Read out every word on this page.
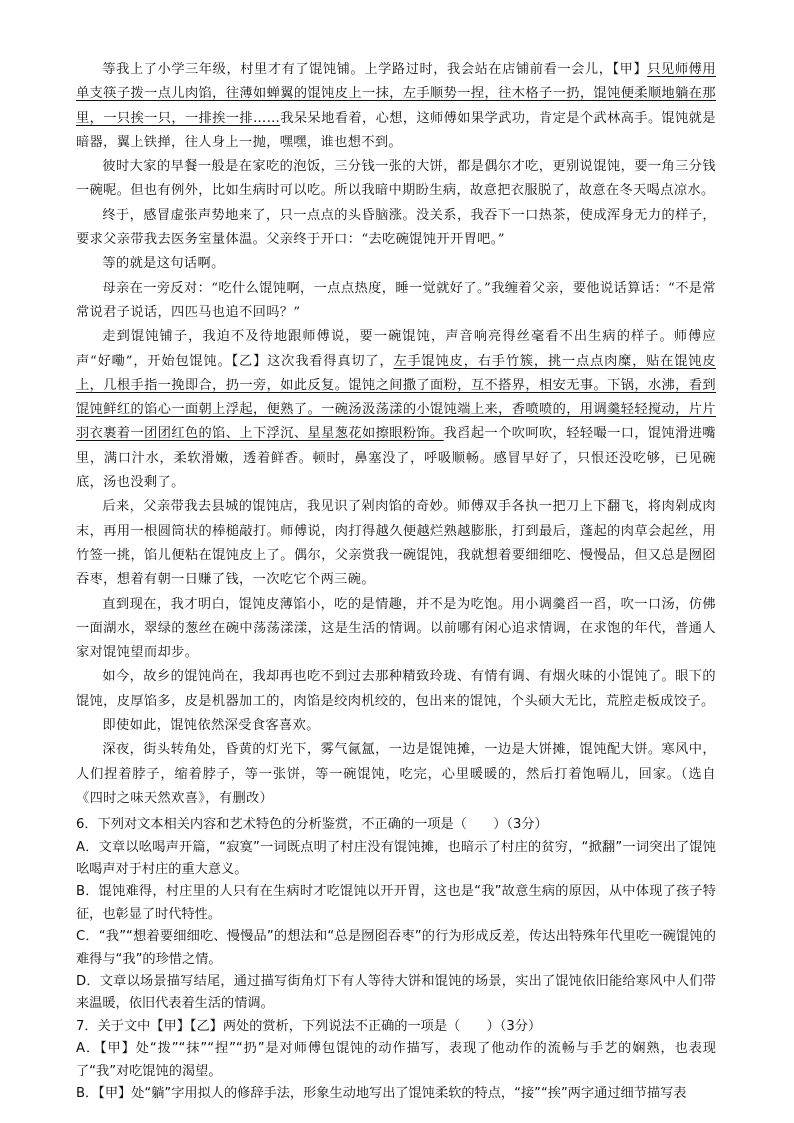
等我上了小学三年级，村里才有了馄饨铺。上学路过时，我会站在店铺前看一会儿，【甲】只见师傅用单支筷子拨一点儿肉馅，往薄如蝉翼的馄饨皮上一抹，左手顺势一捏，往木格子一扔，馄饨便柔顺地躺在那里，一只挨一只，一排挨一排……我呆呆地看着，心想，这师傅如果学武功，肯定是个武林高手。馄饨就是暗器，翼上铁掸，往人身上一抛，嘿嘿，谁也想不到。

彼时大家的早餐一般是在家吃的泡饭，三分钱一张的大饼，都是偶尔才吃，更别说馄饨，要一角三分钱一碗呢。但也有例外，比如生病时可以吃。所以我暗中期盼生病，故意把衣服脱了，故意在冬天喝点凉水。

终于，感冒虚张声势地来了，只一点点的头昏脑涨。没关系，我吞下一口热茶，使成浑身无力的样子，要求父亲带我去医务室量体温。父亲终于开口：“去吃碗馄饨开开胃吧。”

等的就是这句话啊。

母亲在一旁反对：“吃什么馄饨啊，一点点热度，睡一觉就好了。”我缠着父亲，要他说话算话：“不是常常说君子说话，四匹马也追不回吗？”

走到馄饨铺子，我迫不及待地跟师傅说，要一碗馄饨，声音响亮得丝毫看不出生病的样子。师傅应声“好嘞”，开始包馄饨。【乙】这次我看得真切了，左手馄饨皮，右手竹簇，挑一点点肉糜，贴在馄饨皮上，几根手指一挽即合，扔一旁，如此反复。馄饨之间撒了面粉，互不搭界，相安无事。下锅，水沸，看到馄饨鲜红的馅心一面朝上浮起，便熟了。一碗汤汲荡漾的小馄饨端上来，香喷喷的，用调羹轻轻搅动，片片羽衣裹着一团团红色的馅、上下浮沉、星星葱花如擦眼粉饰。我舀起一个吹呵吹，轻轻嘬一口，馄饨滑进嘴里，满口汁水，柔软滑嫩，透着鲜香。顿时，鼻塞没了，呼吸顺畅。感冒早好了，只恨还没吃够，已见碗底，汤也没剩了。

后来，父亲带我去县城的馄饨店，我见识了剁肉馅的奇妙。师傅双手各执一把刀上下翻飞，将肉剁成肉末，再用一根圆筒状的棒槌敲打。师傅说，肉打得越久便越烂熟越膨胀，打到最后，蓬起的肉草会起丝，用竹签一挑，馅儿便粘在馄饨皮上了。偶尔，父亲赏我一碗馄饨，我就想着要细细吃、慢慢品，但又总是囫囵吞枣，想着有朝一日赚了钱，一次吃它个两三碗。

直到现在，我才明白，馄饨皮薄馅小，吃的是情趣，并不是为吃饱。用小调羹舀一舀，吹一口汤，仿佛一面湖水，翠绿的葱丝在碗中荡荡漾漾，这是生活的情调。以前哪有闲心追求情调，在求饱的年代，普通人家对馄饨望而却步。

如今，故乡的馄饨尚在，我却再也吃不到过去那种精致玲珑、有情有调、有烟火味的小馄饨了。眼下的馄饨，皮厚馅多，皮是机器加工的，肉馅是绞肉机绞的，包出来的馄饨，个头硕大无比，荒腔走板成饺子。

即使如此，馄饨依然深受食客喜欢。

深夜，街头转角处，昏黄的灯光下，雾气氤氲，一边是馄饨摊，一边是大饼摊，馄饨配大饼。寒风中，人们捏着脖子，缩着脖子，等一张饼，等一碗馄饨，吃完，心里暖暖的，然后打着饱嗝儿，回家。（选自《四时之味天然欢喜》，有删改）

6．下列对文本相关内容和艺术特色的分析鉴赏，不正确的一项是（　　）（3分）

A．文章以吆喝声开篇，“寂寞”一词既点明了村庄没有馄饨摊，也暗示了村庄的贫穷，“掀翻”一词突出了馄饨吆喝声对于村庄的重大意义。

B．馄饨难得，村庄里的人只有在生病时才吃馄饨以开开胃，这也是“我”故意生病的原因，从中体现了孩子特征，也彰显了时代特性。

C．“我”“想着要细细吃、慢慢品”的想法和“总是囫囵吞枣”的行为形成反差，传达出特殊年代里吃一碗馄饨的难得与“我”的珍惜之情。

D．文章以场景描写结尾，通过描写街角灯下有人等待大饼和馄饨的场景，实出了馄饨依旧能给寒风中人们带来温暖，依旧代表着生活的情调。

7．关于文中【甲】【乙】两处的赏析，下列说法不正确的一项是（　　）（3分）

A．【甲】处“拨”“抹”“捏”“扔”是对师傅包馄饨的动作描写，表现了他动作的流畅与手艺的娴熟，也表现了“我”对吃馄饨的渴望。

B．【甲】处“躺”字用拟人的修辞手法，形象生动地写出了馄饨柔软的特点，“接”“挨”两字通过细节描写表
